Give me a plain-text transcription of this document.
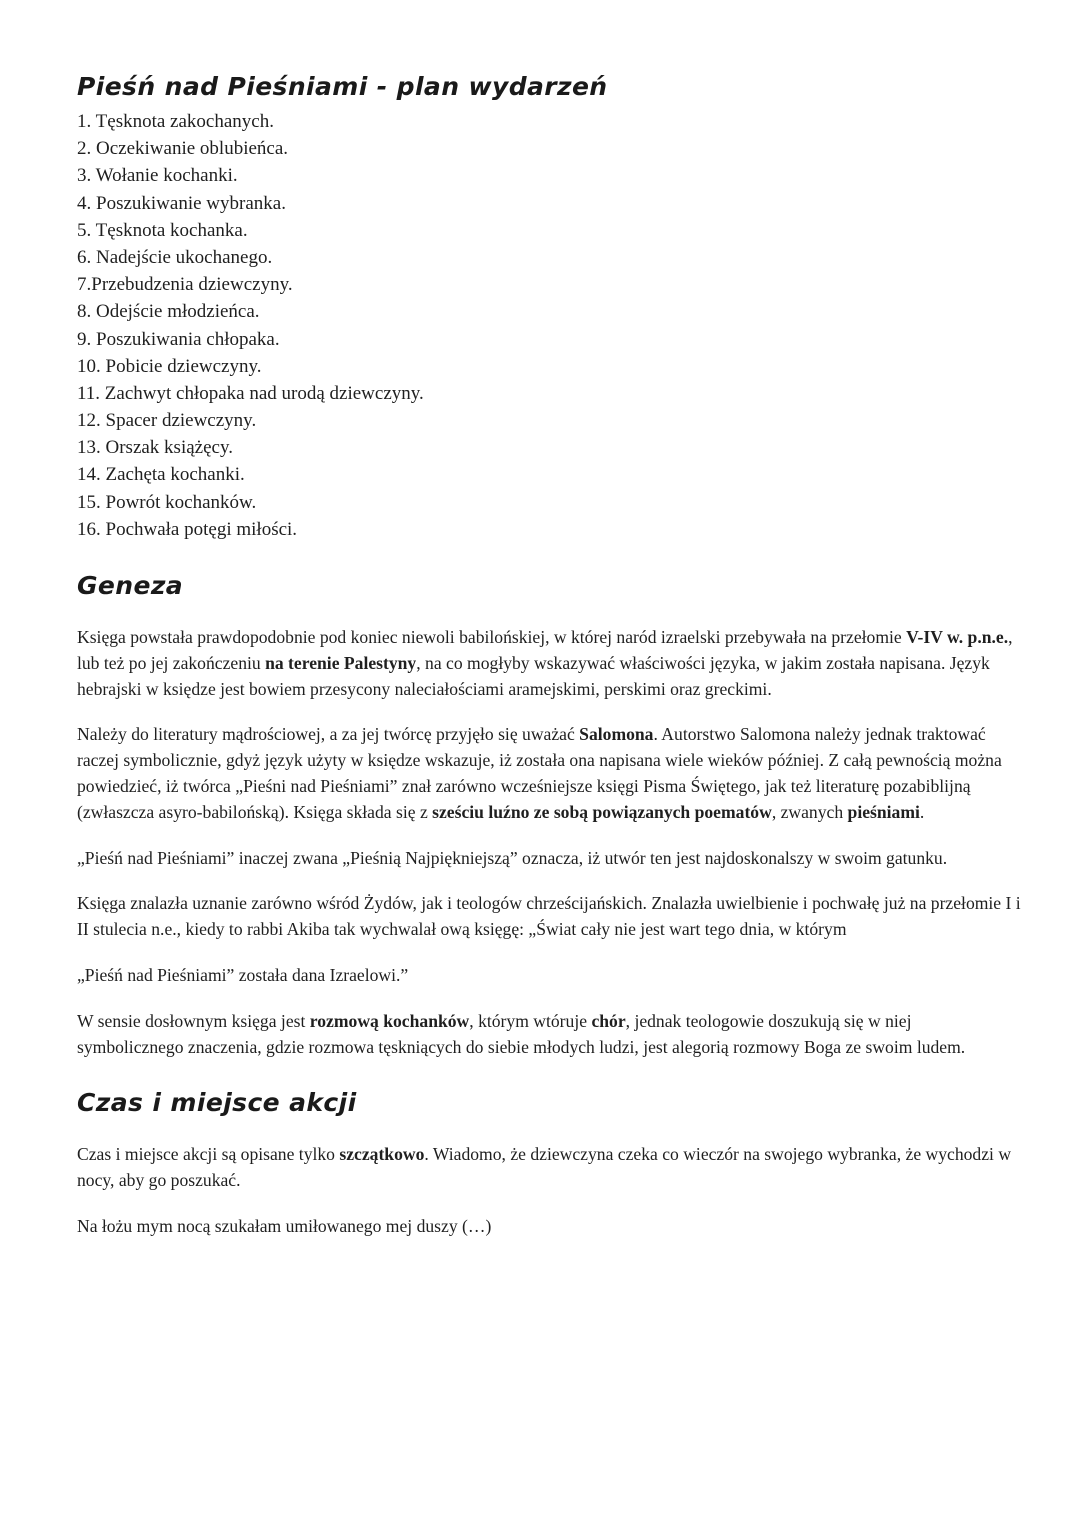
Pieśń nad Pieśniami - plan wydarzeń
1. Tęsknota zakochanych.
2. Oczekiwanie oblubieńca.
3. Wołanie kochanki.
4. Poszukiwanie wybranka.
5. Tęsknota kochanka.
6. Nadejście ukochanego.
7.Przebudzenia dziewczyny.
8. Odejście młodzieńca.
9. Poszukiwania chłopaka.
10. Pobicie dziewczyny.
11. Zachwyt chłopaka nad urodą dziewczyny.
12. Spacer dziewczyny.
13. Orszak książęcy.
14. Zachęta kochanki.
15. Powrót kochanków.
16. Pochwała potęgi miłości.
Geneza

Księga powstała prawdopodobnie pod koniec niewoli babilońskiej, w której naród izraelski przebywała na przełomie V-IV w. p.n.e., lub też po jej zakończeniu na terenie Palestyny, na co mogłyby wskazywać właściwości języka, w jakim została napisana. Język hebrajski w księdze jest bowiem przesycony naleciałościami aramejskimi, perskimi oraz greckimi.

Należy do literatury mądrościowej, a za jej twórcę przyjęło się uważać Salomona. Autorstwo Salomona należy jednak traktować raczej symbolicznie, gdyż język użyty w księdze wskazuje, iż została ona napisana wiele wieków później. Z całą pewnością można powiedzieć, iż twórca „Pieśni nad Pieśniami” znał zarówno wcześniejsze księgi Pisma Świętego, jak też literaturę pozabiblijną (zwłaszcza asyro-babilońską). Księga składa się z sześciu luźno ze sobą powiązanych poematów, zwanych pieśniami.

„Pieśń nad Pieśniami” inaczej zwana „Pieśnią Najpiękniejszą” oznacza, iż utwór ten jest najdoskonalszy w swoim gatunku.

Księga znalazła uznanie zarówno wśród Żydów, jak i teologów chrześcijańskich. Znalazła uwielbienie i pochwałę już na przełomie I i II stulecia n.e., kiedy to rabbi Akiba tak wychwalał ową księgę: „Świat cały nie jest wart tego dnia, w którym

„Pieśń nad Pieśniami” została dana Izraelowi.”

W sensie dosłownym księga jest rozmową kochanków, którym wtóruje chór, jednak teologowie doszukują się w niej symbolicznego znaczenia, gdzie rozmowa tęskniących do siebie młodych ludzi, jest alegorią rozmowy Boga ze swoim ludem.

Czas i miejsce akcji

Czas i miejsce akcji są opisane tylko szczątkowo. Wiadomo, że dziewczyna czeka co wieczór na swojego wybranka, że wychodzi w nocy, aby go poszukać.

Na łożu mym nocą szukałam umiłowanego mej duszy (…)
